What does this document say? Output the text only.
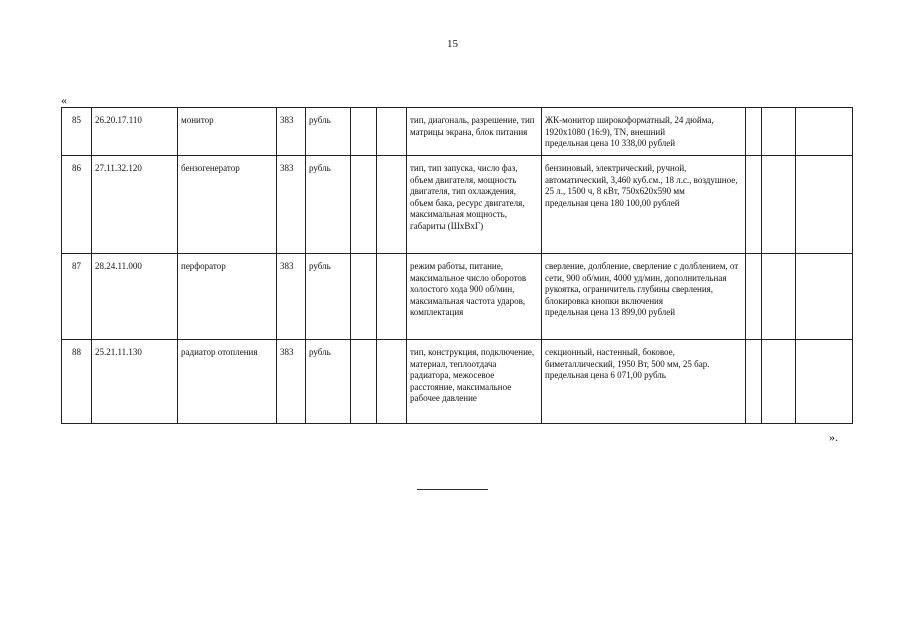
15
«
85	26.20.17.110	монитор	383	рубль			тип, диагональ, разрешение, тип матрицы экрана, блок питания	ЖК-монитор широкоформатный, 24 дюйма, 1920x1080 (16:9), TN, внешний
предельная цена 10 338,00 рублей			
86	27.11.32.120	бензогенератор	383	рубль			тип, тип запуска, число фаз, объем двигателя, мощность двигателя, тип охлаждения, объем бака, ресурс двигателя, максимальная мощность, габариты (ШxВxГ)	бензиновый, электрический, ручной, автоматический, 3,460 куб.см., 18 л.с., воздушное, 25 л., 1500 ч, 8 кВт, 750x620x590 мм
предельная цена 180 100,00 рублей			
87	28.24.11.000	перфоратор	383	рубль			режим работы, питание, максимальное число оборотов холостого хода 900 об/мин, максимальная частота ударов, комплектация	сверление, долбление, сверление с долблением, от сети, 900 об/мин, 4000 уд/мин, дополнительная рукоятка, ограничитель глубины сверления, блокировка кнопки включения
предельная цена 13 899,00 рублей			
88	25.21.11.130	радиатор отопления	383	рубль			тип, конструкция, подключение, материал, теплоотдача радиатора, межосевое расстояние, максимальное рабочее давление	секционный, настенный, боковое, биметаллический, 1950 Вт, 500 мм, 25 бар.
предельная цена 6 071,00 рубль			
».
